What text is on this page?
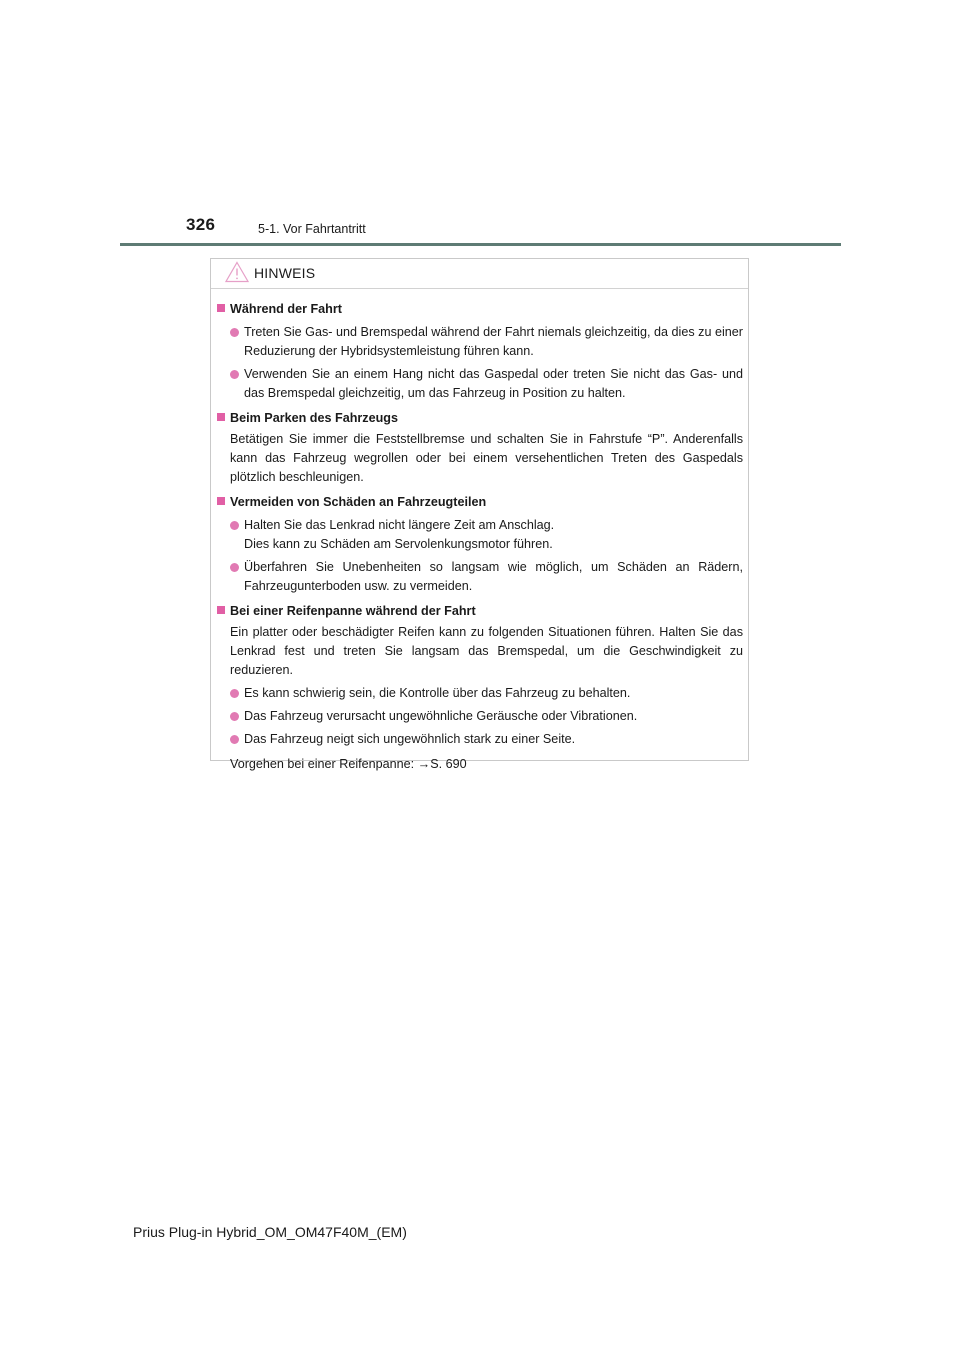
326	5-1. Vor Fahrtantritt
HINWEIS
Während der Fahrt
Treten Sie Gas- und Bremspedal während der Fahrt niemals gleichzeitig, da dies zu einer Reduzierung der Hybridsystemleistung führen kann.
Verwenden Sie an einem Hang nicht das Gaspedal oder treten Sie nicht das Gas- und das Bremspedal gleichzeitig, um das Fahrzeug in Position zu halten.
Beim Parken des Fahrzeugs
Betätigen Sie immer die Feststellbremse und schalten Sie in Fahrstufe “P”. Anderenfalls kann das Fahrzeug wegrollen oder bei einem versehentlichen Treten des Gaspedals plötzlich beschleunigen.
Vermeiden von Schäden an Fahrzeugteilen
Halten Sie das Lenkrad nicht längere Zeit am Anschlag.
Dies kann zu Schäden am Servolenkungsmotor führen.
Überfahren Sie Unebenheiten so langsam wie möglich, um Schäden an Rädern, Fahrzeugunterboden usw. zu vermeiden.
Bei einer Reifenpanne während der Fahrt
Ein platter oder beschädigter Reifen kann zu folgenden Situationen führen. Halten Sie das Lenkrad fest und treten Sie langsam das Bremspedal, um die Geschwindigkeit zu reduzieren.
Es kann schwierig sein, die Kontrolle über das Fahrzeug zu behalten.
Das Fahrzeug verursacht ungewöhnliche Geräusche oder Vibrationen.
Das Fahrzeug neigt sich ungewöhnlich stark zu einer Seite.
Vorgehen bei einer Reifenpanne: →S. 690
Prius Plug-in Hybrid_OM_OM47F40M_(EM)
